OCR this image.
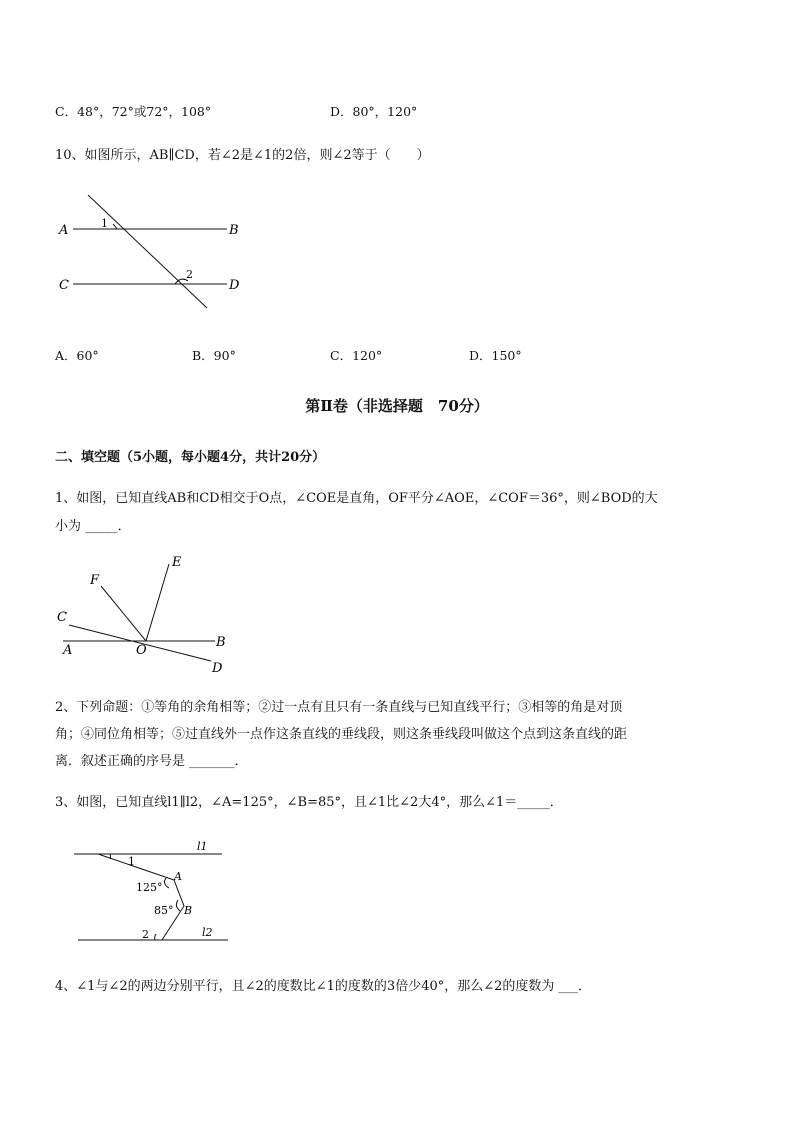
C．48°，72°或72°，108°	D．80°，120°
10、如图所示，AB∥CD，若∠2是∠1的2倍，则∠2等于（　　）
A	B
C	D
1
2
A．60°	B．90°	C．120°	D．150°
第Ⅱ卷（非选择题　70分）
二、填空题（5小题，每小题4分，共计20分）
1、如图，已知直线AB和CD相交于O点，∠COE是直角，OF平分∠AOE，∠COF＝36°，则∠BOD的大
小为 _____．
E
F
C
A	O
B
D
2、下列命题：①等角的余角相等；②过一点有且只有一条直线与已知直线平行；③相等的角是对顶
角；④同位角相等；⑤过直线外一点作这条直线的垂线段，则这条垂线段叫做这个点到这条直线的距
离．叙述正确的序号是 _______．
3、如图，已知直线l1∥l2，∠A=125°，∠B=85°，且∠1比∠2大4°，那么∠1＝_____．
l1
l2
1
A
125°
85° B
2
4、∠1与∠2的两边分别平行，且∠2的度数比∠1的度数的3倍少40°，那么∠2的度数为 ___．
